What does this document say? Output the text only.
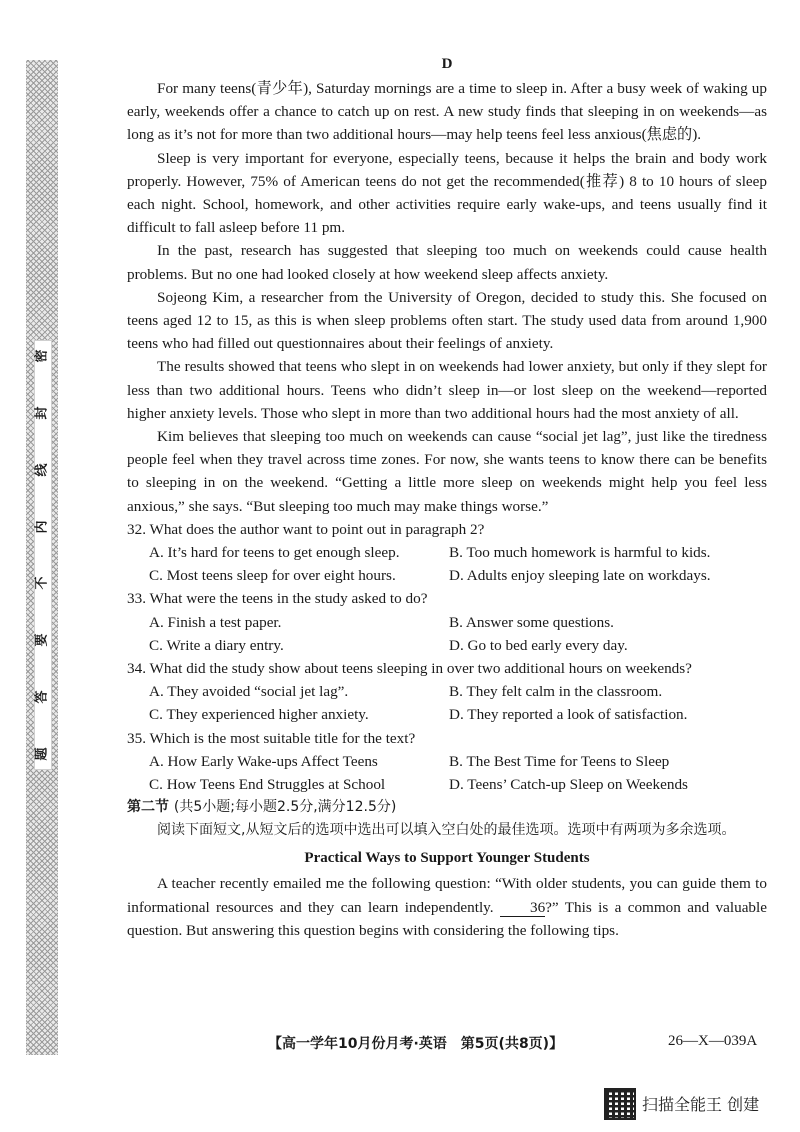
密
封
线
内
不
要
答
题
D

For many teens(青少年), Saturday mornings are a time to sleep in. After a busy week of waking up early, weekends offer a chance to catch up on rest. A new study finds that sleeping in on weekends—as long as it’s not for more than two additional hours—may help teens feel less anxious(焦虑的).

Sleep is very important for everyone, especially teens, because it helps the brain and body work properly. However, 75% of American teens do not get the recommended(推荐) 8 to 10 hours of sleep each night. School, homework, and other activities require early wake-ups, and teens usually find it difficult to fall asleep before 11 pm.

In the past, research has suggested that sleeping too much on weekends could cause health problems. But no one had looked closely at how weekend sleep affects anxiety.

Sojeong Kim, a researcher from the University of Oregon, decided to study this. She focused on teens aged 12 to 15, as this is when sleep problems often start. The study used data from around 1,900 teens who had filled out questionnaires about their feelings of anxiety.

The results showed that teens who slept in on weekends had lower anxiety, but only if they slept for less than two additional hours. Teens who didn’t sleep in—or lost sleep on the weekend—reported higher anxiety levels. Those who slept in more than two additional hours had the most anxiety of all.

Kim believes that sleeping too much on weekends can cause “social jet lag”, just like the tiredness people feel when they travel across time zones. For now, she wants teens to know there can be benefits to sleeping in on the weekend. “Getting a little more sleep on weekends might help you feel less anxious,” she says. “But sleeping too much may make things worse.”

32. What does the author want to point out in paragraph 2?

A. It’s hard for teens to get enough sleep.	B. Too much homework is harmful to kids.
C. Most teens sleep for over eight hours.	D. Adults enjoy sleeping late on workdays.

33. What were the teens in the study asked to do?

A. Finish a test paper.	B. Answer some questions.
C. Write a diary entry.	D. Go to bed early every day.

34. What did the study show about teens sleeping in over two additional hours on weekends?

A. They avoided “social jet lag”.	B. They felt calm in the classroom.
C. They experienced higher anxiety.	D. They reported a look of satisfaction.

35. Which is the most suitable title for the text?

A. How Early Wake-ups Affect Teens	B. The Best Time for Teens to Sleep
C. How Teens End Struggles at School	D. Teens’ Catch-up Sleep on Weekends
第二节 (共5小题;每小题2.5分,满分12.5分)

阅读下面短文,从短文后的选项中选出可以填入空白处的最佳选项。选项中有两项为多余选项。

Practical Ways to Support Younger Students

A teacher recently emailed me the following question: “With older students, you can guide them to informational resources and they can learn independently. 36?” This is a common and valuable question. But answering this question begins with considering the following tips.

【高一学年10月份月考·英语　第5页(共8页)】	26—X—039A
扫描全能王 创建
